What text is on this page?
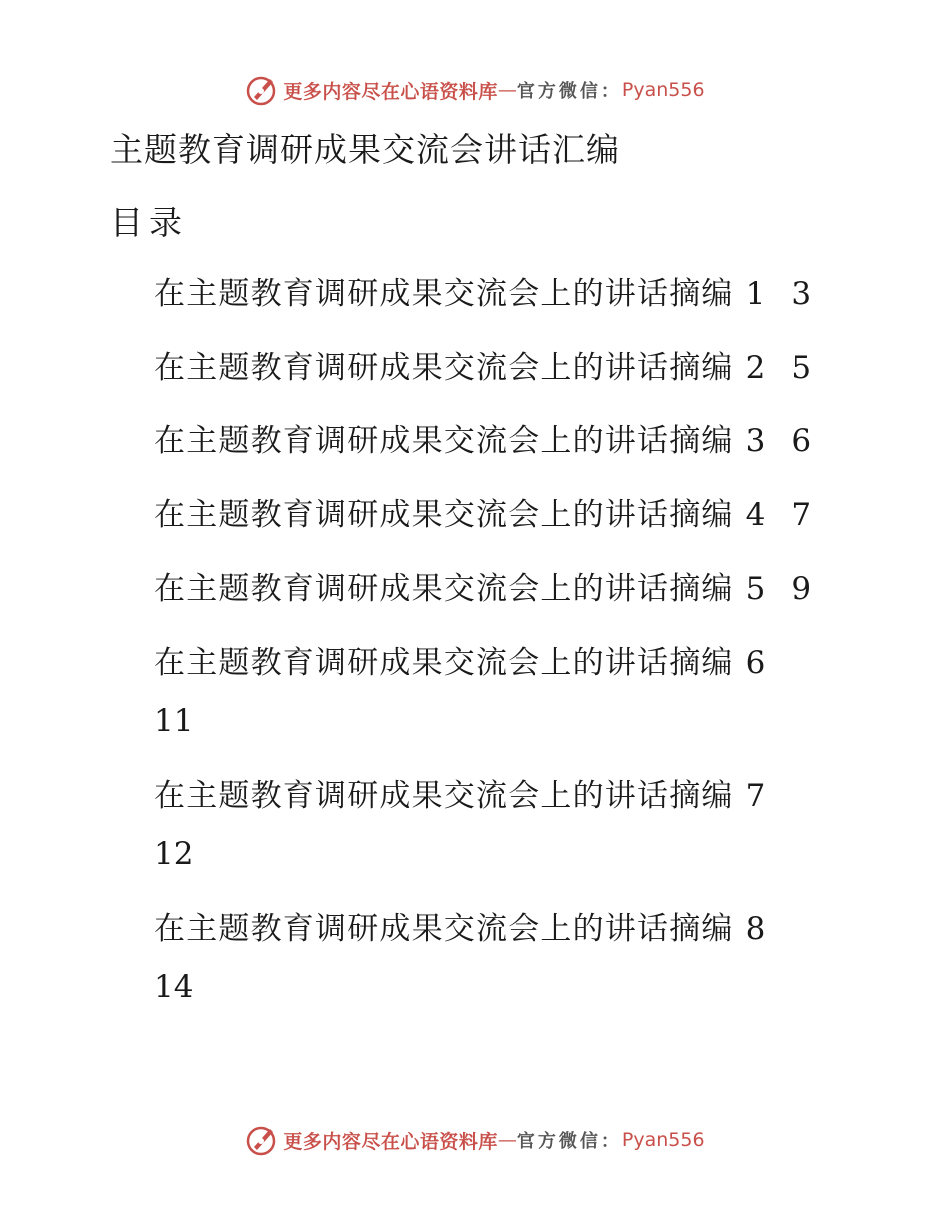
更多内容尽在心语资料库 — 官方微信： Pyan556
主题教育调研成果交流会讲话汇编
目录
在主题教育调研成果交流会上的讲话摘编 1 3
在主题教育调研成果交流会上的讲话摘编 2 5
在主题教育调研成果交流会上的讲话摘编 3 6
在主题教育调研成果交流会上的讲话摘编 4 7
在主题教育调研成果交流会上的讲话摘编 5 9
在主题教育调研成果交流会上的讲话摘编 6
11
在主题教育调研成果交流会上的讲话摘编 7
12
在主题教育调研成果交流会上的讲话摘编 8
14
更多内容尽在心语资料库 — 官方微信： Pyan556
